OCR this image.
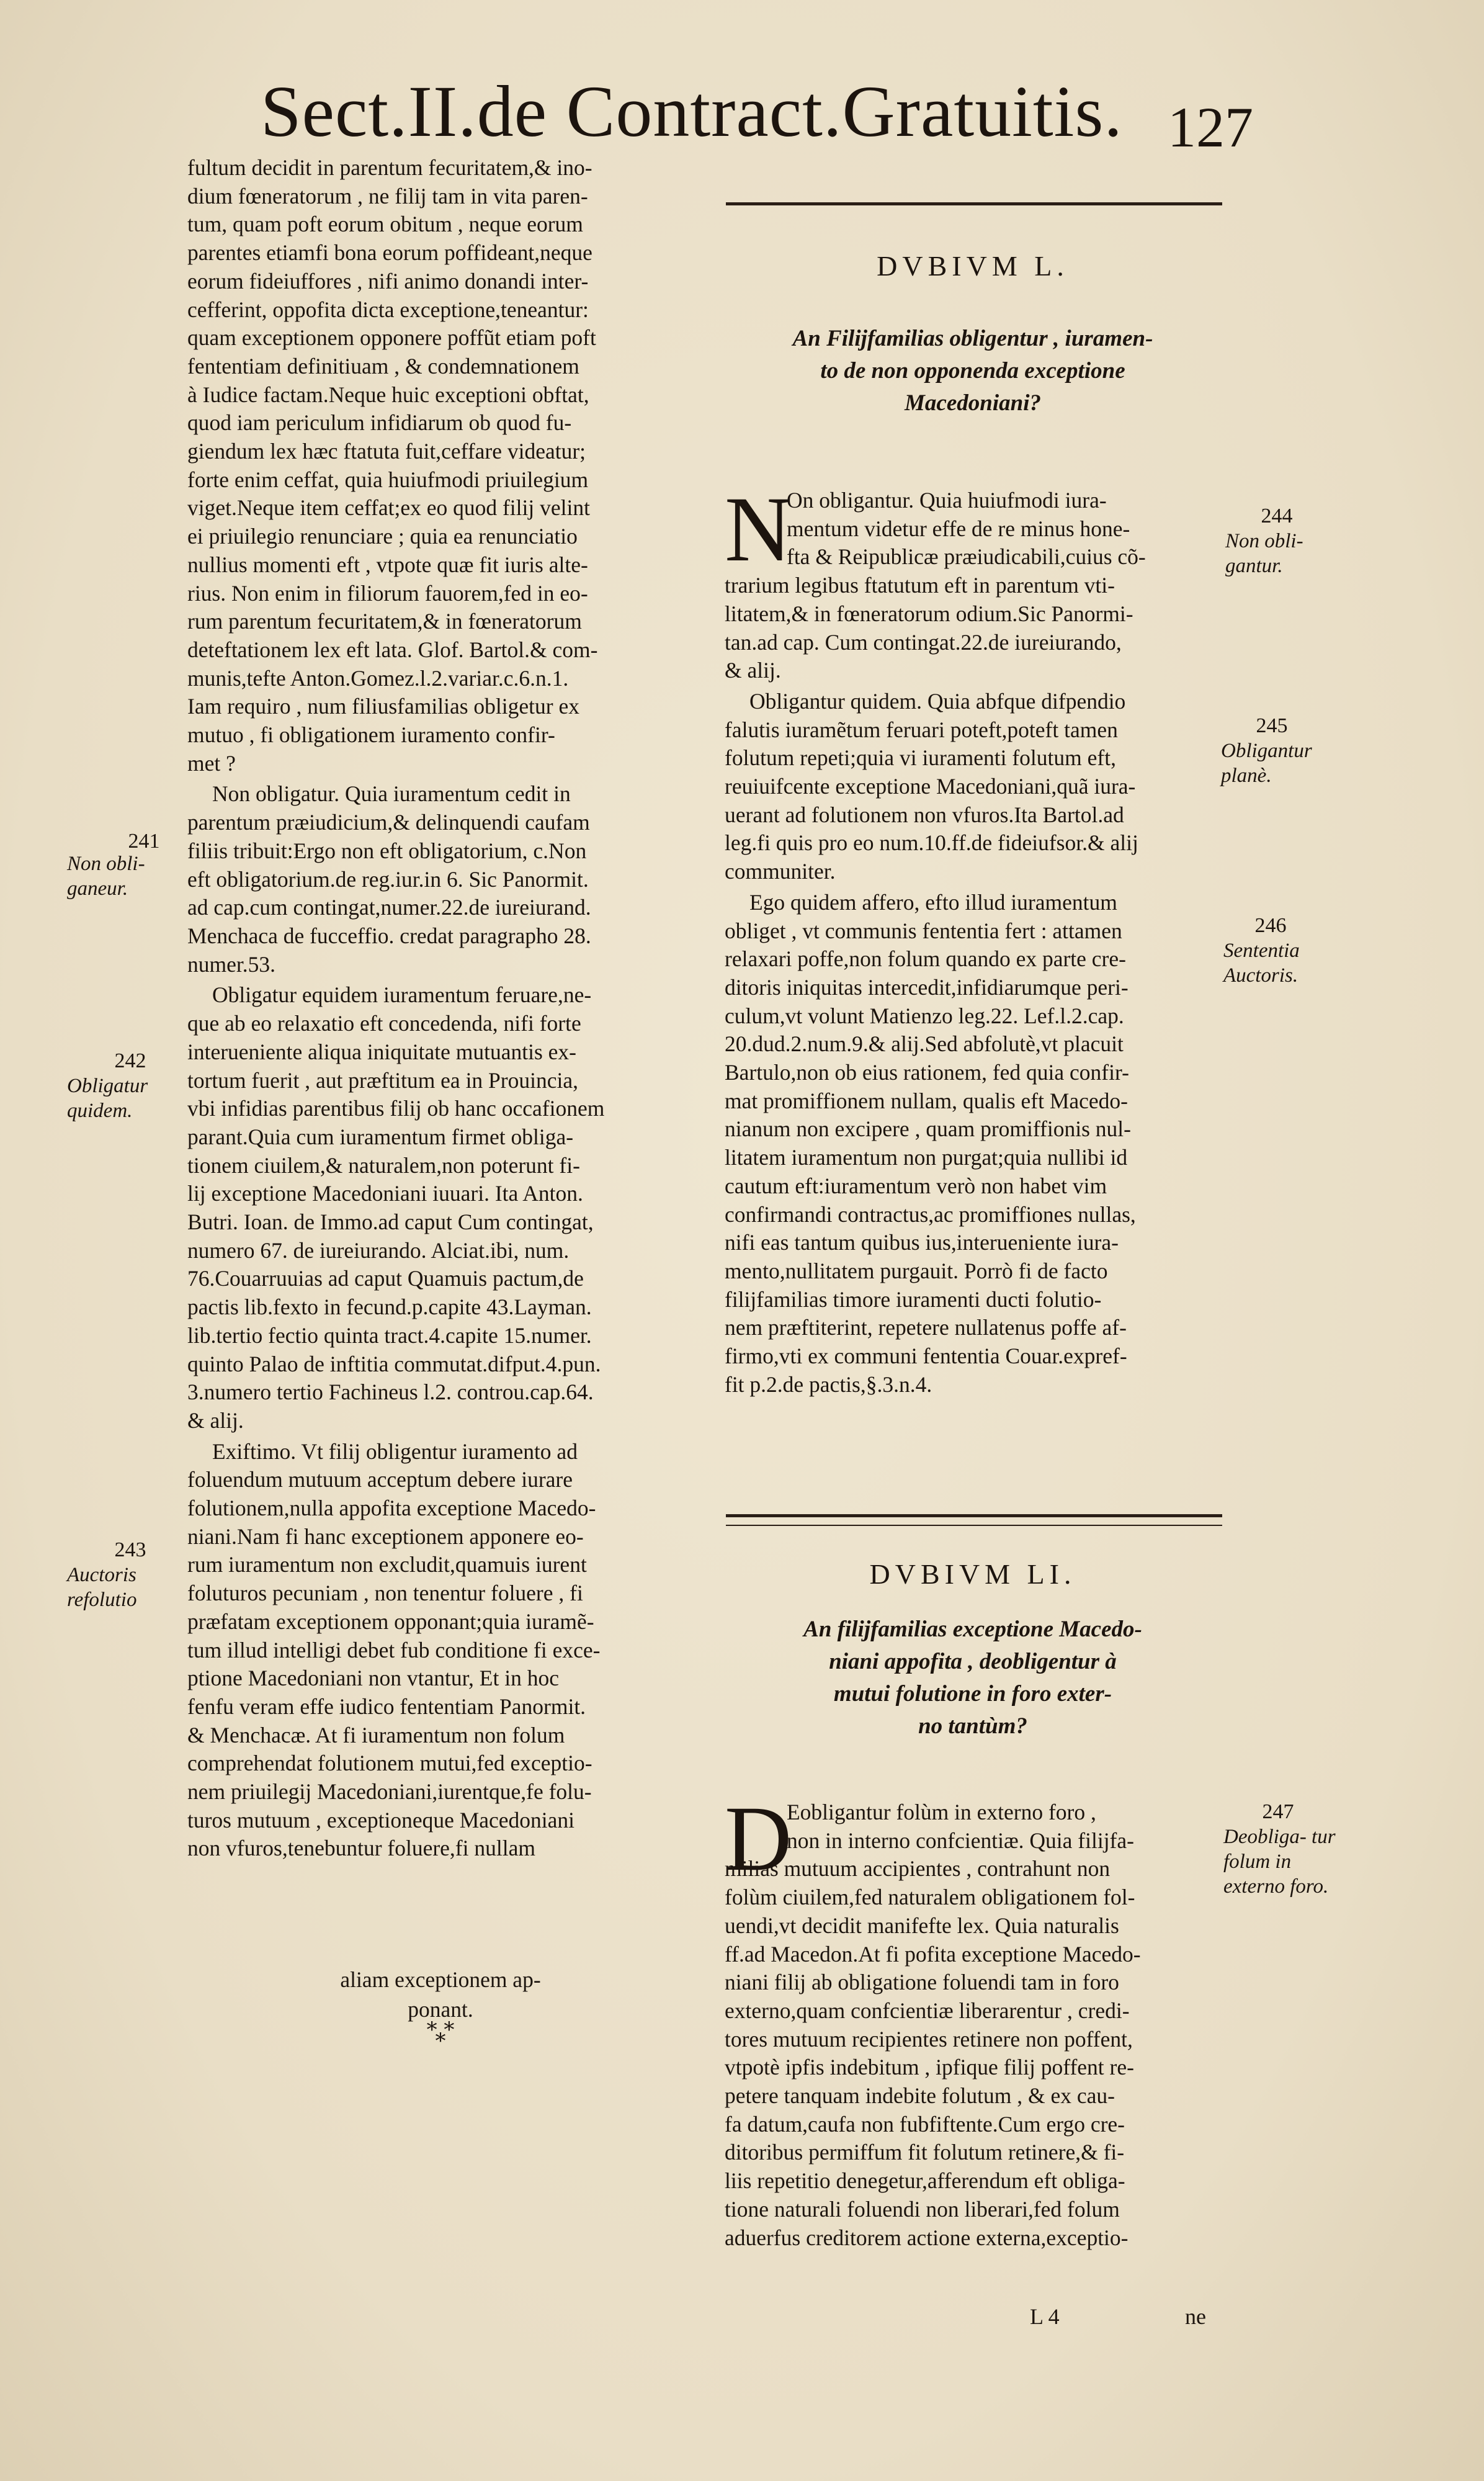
Sect.II.de Contract.Gratuitis. 127
fultum decidit in parentum fecuritatem,& ino-
dium fœneratorum , ne filij tam in vita paren-
tum, quam poft eorum obitum , neque eorum
parentes etiamfi bona eorum poffideant,neque
eorum fideiuffores , nifi animo donandi inter-
cefferint, oppofita dicta exceptione,teneantur:
quam exceptionem opponere poffũt etiam poft
fententiam definitiuam , & condemnationem
à Iudice factam.Neque huic exceptioni obftat,
quod iam periculum infidiarum ob quod fu-
giendum lex hæc ftatuta fuit,ceffare videatur;
forte enim ceffat, quia huiufmodi priuilegium
viget.Neque item ceffat;ex eo quod filij velint
ei priuilegio renunciare ; quia ea renunciatio
nullius momenti eft , vtpote quæ fit iuris alte-
rius. Non enim in filiorum fauorem,fed in eo-
rum parentum fecuritatem,& in fœneratorum
deteftationem lex eft lata. Glof. Bartol.& com-
munis,tefte Anton.Gomez.l.2.variar.c.6.n.1.
Iam requiro , num filiusfamilias obligetur ex
mutuo , fi obligationem iuramento confir-
met ?
Non obligatur. Quia iuramentum cedit in
parentum præiudicium,& delinquendi caufam
filiis tribuit:Ergo non eft obligatorium, c.Non
eft obligatorium.de reg.iur.in 6. Sic Panormit.
ad cap.cum contingat,numer.22.de iureiurand.
Menchaca de fucceffio. credat paragrapho 28.
numer.53.
Obligatur equidem iuramentum feruare,ne-
que ab eo relaxatio eft concedenda, nifi forte
interueniente aliqua iniquitate mutuantis ex-
tortum fuerit , aut præftitum ea in Prouincia,
vbi infidias parentibus filij ob hanc occafionem
parant.Quia cum iuramentum firmet obliga-
tionem ciuilem,& naturalem,non poterunt fi-
lij exceptione Macedoniani iuuari. Ita Anton.
Butri. Ioan. de Immo.ad caput Cum contingat,
numero 67. de iureiurando. Alciat.ibi, num.
76.Couarruuias ad caput Quamuis pactum,de
pactis lib.fexto in fecund.p.capite 43.Layman.
lib.tertio fectio quinta tract.4.capite 15.numer.
quinto Palao de inftitia commutat.difput.4.pun.
3.numero tertio Fachineus l.2. controu.cap.64.
& alij.
Exiftimo. Vt filij obligentur iuramento ad
foluendum mutuum acceptum debere iurare
folutionem,nulla appofita exceptione Macedo-
niani.Nam fi hanc exceptionem apponere eo-
rum iuramentum non excludit,quamuis iurent
foluturos pecuniam , non tenentur foluere , fi
præfatam exceptionem opponant;quia iuramẽ-
tum illud intelligi debet fub conditione fi exce-
ptione Macedoniani non vtantur, Et in hoc
fenfu veram effe iudico fententiam Panormit.
& Menchacæ. At fi iuramentum non folum
comprehendat folutionem mutui,fed exceptio-
nem priuilegij Macedoniani,iurentque,fe folu-
turos mutuum , exceptioneque Macedoniani
non vfuros,tenebuntur foluere,fi nullam
aliam exceptionem ap-
ponant.
* *
*
241
Non obli- ganeur.
242
Obligatur quidem.
243
Auctoris refolutio
DVBIVM L.
An Filijfamilias obligentur , iuramen-
to de non opponenda exceptione
Macedoniani?
N
On obligantur. Quia huiufmodi iura-
mentum videtur effe de re minus hone-
fta & Reipublicæ præiudicabili,cuius cõ-
trarium legibus ftatutum eft in parentum vti-
litatem,& in fœneratorum odium.Sic Panormi-
tan.ad cap. Cum contingat.22.de iureiurando,
& alij.
Obligantur quidem. Quia abfque difpendio
falutis iuramẽtum feruari poteft,poteft tamen
folutum repeti;quia vi iuramenti folutum eft,
reuiuifcente exceptione Macedoniani,quã iura-
uerant ad folutionem non vfuros.Ita Bartol.ad
leg.fi quis pro eo num.10.ff.de fideiufsor.& alij
communiter.
Ego quidem affero, efto illud iuramentum
obliget , vt communis fententia fert : attamen
relaxari poffe,non folum quando ex parte cre-
ditoris iniquitas intercedit,infidiarumque peri-
culum,vt volunt Matienzo leg.22. Lef.l.2.cap.
20.dud.2.num.9.& alij.Sed abfolutè,vt placuit
Bartulo,non ob eius rationem, fed quia confir-
mat promiffionem nullam, qualis eft Macedo-
nianum non excipere , quam promiffionis nul-
litatem iuramentum non purgat;quia nullibi id
cautum eft:iuramentum verò non habet vim
confirmandi contractus,ac promiffiones nullas,
nifi eas tantum quibus ius,interueniente iura-
mento,nullitatem purgauit. Porrò fi de facto
filijfamilias timore iuramenti ducti folutio-
nem præftiterint, repetere nullatenus poffe af-
firmo,vti ex communi fententia Couar.expref-
fit p.2.de pactis,§.3.n.4.
244
Non obli- gantur.
245
Obligantur planè.
246
Sententia Auctoris.
DVBIVM LI.
An filijfamilias exceptione Macedo-
niani appofita , deobligentur à
mutui folutione in foro exter-
no tantùm?
D
Eobligantur folùm in externo foro ,
non in interno confcientiæ. Quia filijfa-
milias mutuum accipientes , contrahunt non
folùm ciuilem,fed naturalem obligationem fol-
uendi,vt decidit manifefte lex. Quia naturalis
ff.ad Macedon.At fi pofita exceptione Macedo-
niani filij ab obligatione foluendi tam in foro
externo,quam confcientiæ liberarentur , credi-
tores mutuum recipientes retinere non poffent,
vtpotè ipfis indebitum , ipfique filij poffent re-
petere tanquam indebite folutum , & ex cau-
fa datum,caufa non fubfiftente.Cum ergo cre-
ditoribus permiffum fit folutum retinere,& fi-
liis repetitio denegetur,afferendum eft obliga-
tione naturali foluendi non liberari,fed folum
aduerfus creditorem actione externa,exceptio-
247
Deobliga- tur folum in externo foro.
L 4	ne
